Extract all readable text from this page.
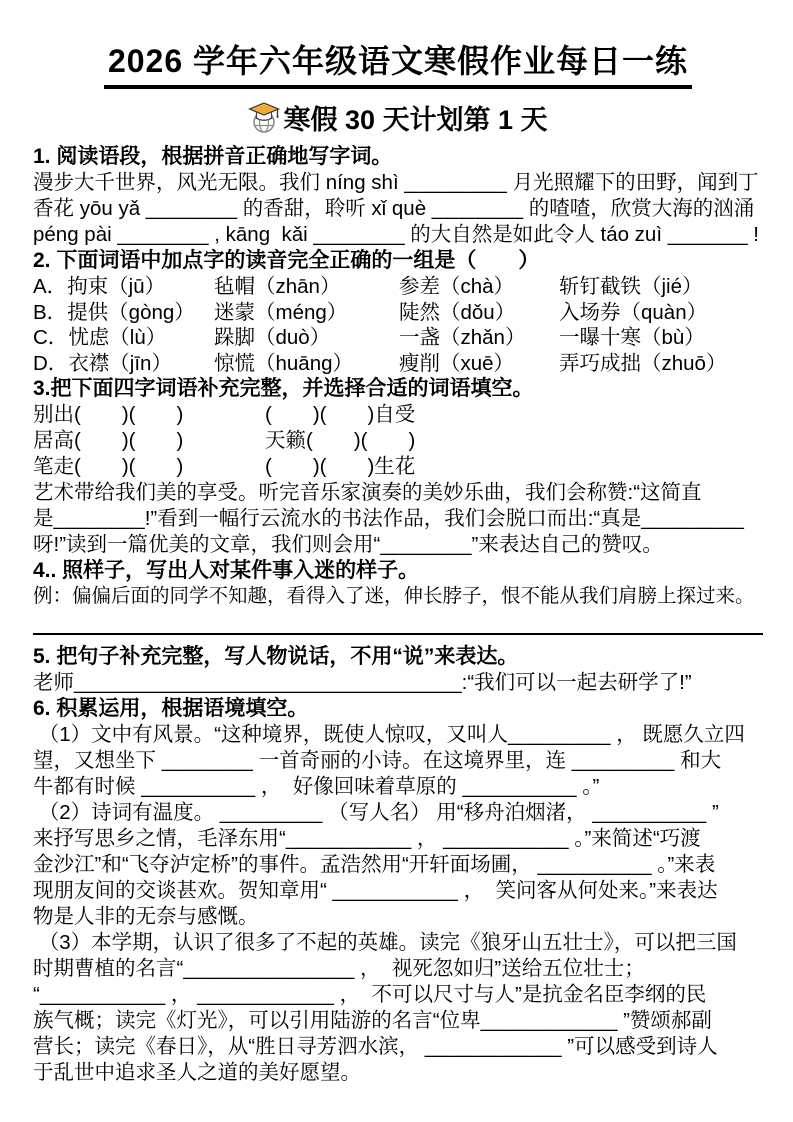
2026 学年六年级语文寒假作业每日一练
寒假 30 天计划第 1 天
1. 阅读语段，根据拼音正确地写字词。
漫步大千世界，风光无限。我们 níng shì _________ 月光照耀下的田野，闻到丁
香花 yōu yǎ ________ 的香甜，聆听 xǐ què ________ 的喳喳，欣赏大海的汹涌
péng pài ________ , kāng  kǎi ________ 的大自然是如此令人 táo zuì _______ !
2. 下面词语中加点字的读音完全正确的一组是（　　）
A．拘束（jū）	毡帽（zhān）	参差（chà）	斩钉截铁（jié）
B．提供（gòng） 迷蒙（méng）	陡然（dǒu）	入场券（quàn）
C．忧虑（lù）	跺脚（duò）	一盏（zhǎn）	一曝十寒（bù）
D．衣襟（jīn）	惊慌（huāng）	瘦削（xuē）	弄巧成拙（zhuō）
3.把下面四字词语补充完整，并选择合适的词语填空。
别出(　　)(　　)	(　　)(　　)自受
居高(　　)(　　)	天籁(　　)(　　)
笔走(　　)(　　)	(　　)(　　)生花
艺术带给我们美的享受。听完音乐家演奏的美妙乐曲，我们会称赞:“这简直
是________!”看到一幅行云流水的书法作品，我们会脱口而出:“真是_________
呀!”读到一篇优美的文章，我们则会用“________”来表达自己的赞叹。
4.. 照样子，写出人对某件事入迷的样子。
例：偏偏后面的同学不知趣，看得入了迷，伸长脖子，恨不能从我们肩膀上探过来。
5. 把句子补充完整，写人物说话，不用“说”来表达。
老师__________________________________:“我们可以一起去研学了!”
6. 积累运用，根据语境填空。
（1）文中有风景。“这种境界，既使人惊叹，又叫人_________ ， 既愿久立四
望，又想坐下 ________ 一首奇丽的小诗。在这境界里，连 _________ 和大
牛都有时候 __________ ，  好像回味着草原的 __________ 。”
（2）诗词有温度。 _________ （写人名） 用“移舟泊烟渚， __________ ”
来抒写思乡之情，毛泽东用“___________ ， ___________ 。”来简述“巧渡
金沙江”和“飞夺泸定桥”的事件。孟浩然用“开轩面场圃， __________ 。”来表
现朋友间的交谈甚欢。贺知章用“ ___________ ，  笑问客从何处来。”来表达
物是人非的无奈与感慨。
（3）本学期，认识了很多了不起的英雄。读完《狼牙山五壮士》，可以把三国
时期曹植的名言“_______________ ，  视死忽如归”送给五位壮士；
“___________ ， ____________ ，  不可以尺寸与人”是抗金名臣李纲的民
族气概；读完《灯光》，可以引用陆游的名言“位卑____________ ”赞颂郝副
营长；读完《春日》，从“胜日寻芳泗水滨， ____________ ”可以感受到诗人
于乱世中追求圣人之道的美好愿望。
